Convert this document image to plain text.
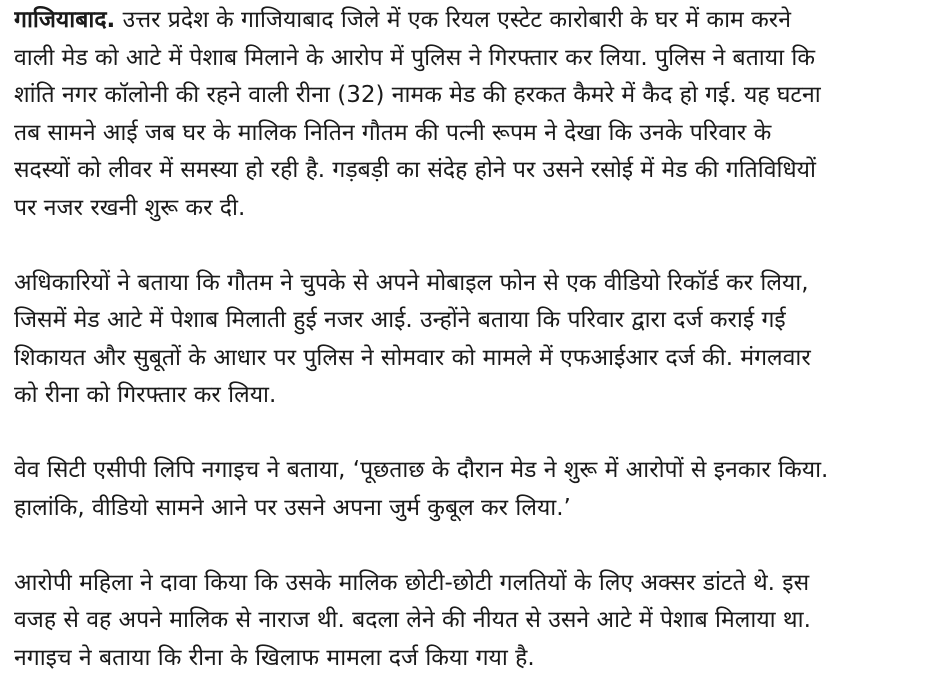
गाजियाबाद. उत्तर प्रदेश के गाजियाबाद जिले में एक रियल एस्टेट कारोबारी के घर में काम करने
वाली मेड को आटे में पेशाब मिलाने के आरोप में पुलिस ने गिरफ्तार कर लिया. पुलिस ने बताया कि
शांति नगर कॉलोनी की रहने वाली रीना (32) नामक मेड की हरकत कैमरे में कैद हो गई. यह घटना
तब सामने आई जब घर के मालिक नितिन गौतम की पत्नी रूपम ने देखा कि उनके परिवार के
सदस्यों को लीवर में समस्या हो रही है. गड़बड़ी का संदेह होने पर उसने रसोई में मेड की गतिविधियों
पर नजर रखनी शुरू कर दी.
अधिकारियों ने बताया कि गौतम ने चुपके से अपने मोबाइल फोन से एक वीडियो रिकॉर्ड कर लिया,
जिसमें मेड आटे में पेशाब मिलाती हुई नजर आई. उन्होंने बताया कि परिवार द्वारा दर्ज कराई गई
शिकायत और सुबूतों के आधार पर पुलिस ने सोमवार को मामले में एफआईआर दर्ज की. मंगलवार
को रीना को गिरफ्तार कर लिया.
वेव सिटी एसीपी लिपि नगाइच ने बताया, ‘पूछताछ के दौरान मेड ने शुरू में आरोपों से इनकार किया.
हालांकि, वीडियो सामने आने पर उसने अपना जुर्म कुबूल कर लिया.’
आरोपी महिला ने दावा किया कि उसके मालिक छोटी-छोटी गलतियों के लिए अक्सर डांटते थे. इस
वजह से वह अपने मालिक से नाराज थी. बदला लेने की नीयत से उसने आटे में पेशाब मिलाया था.
नगाइच ने बताया कि रीना के खिलाफ मामला दर्ज किया गया है.
